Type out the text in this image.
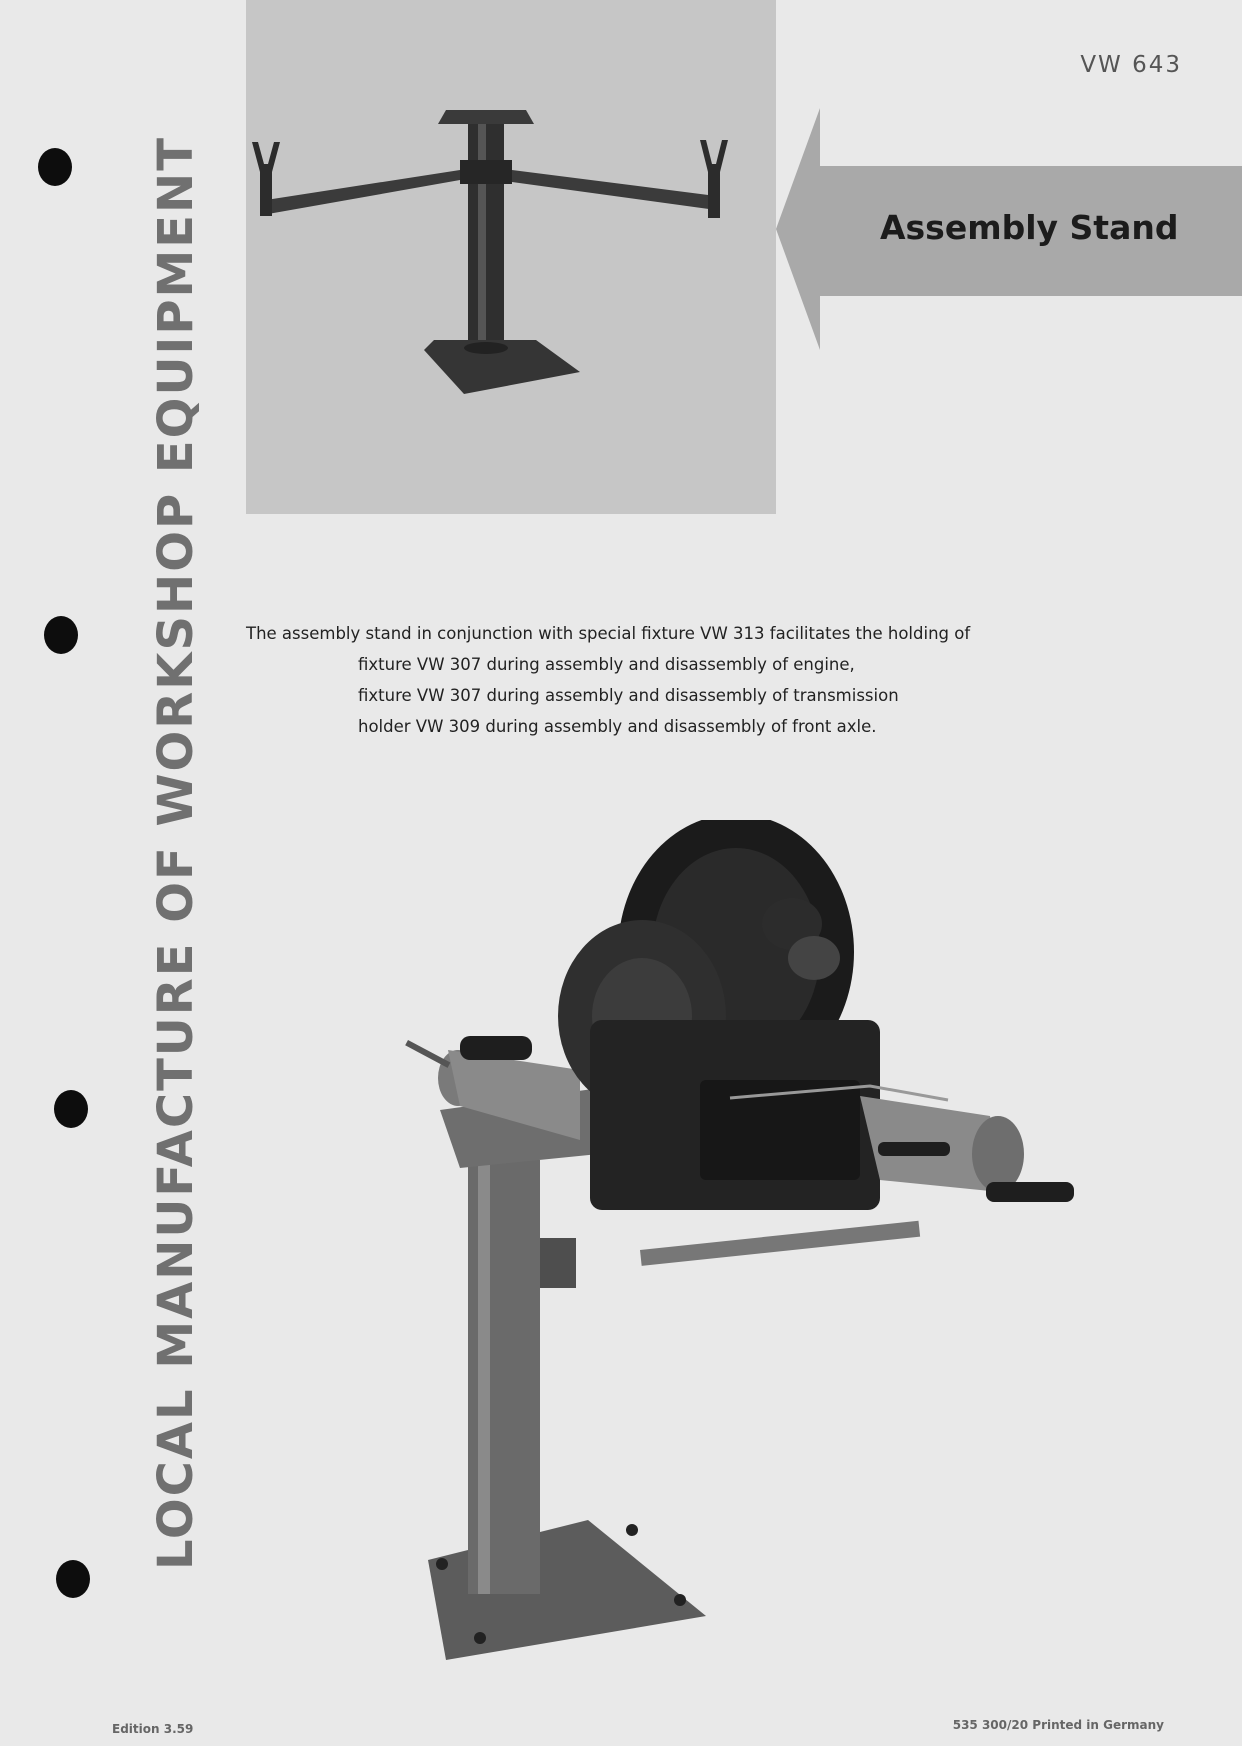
LOCAL MANUFACTURE OF WORKSHOP EQUIPMENT
VW 643
Assembly Stand
The assembly stand in conjunction with special fixture VW 313 facilitates the holding of
fixture VW 307 during assembly and disassembly of engine,
fixture VW 307 during assembly and disassembly of transmission
holder VW 309 during assembly and disassembly of front axle.
Edition 3.59	535 300/20 Printed in Germany
